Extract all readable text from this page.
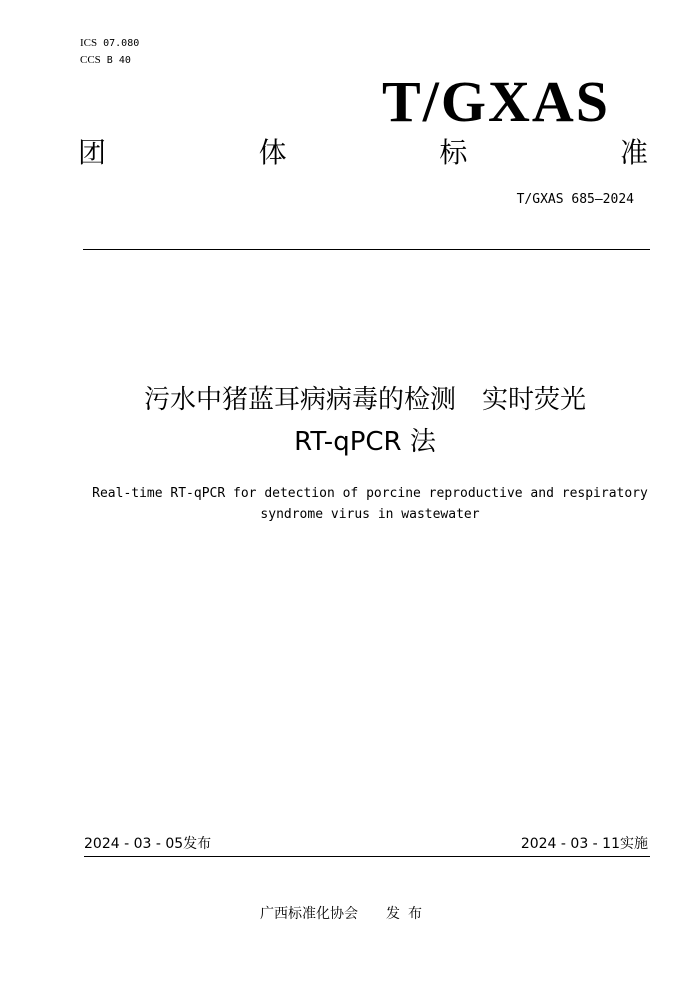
ICS 07.080
CCS B 40
T/GXAS
团	体	标	准
T/GXAS 685—2024
污水中猪蓝耳病病毒的检测　实时荧光
RT-qPCR 法
Real-time RT-qPCR for detection of porcine reproductive and respiratory
syndrome virus in wastewater
2024 - 03 - 05发布	2024 - 03 - 11实施
广西标准化协会 发布
